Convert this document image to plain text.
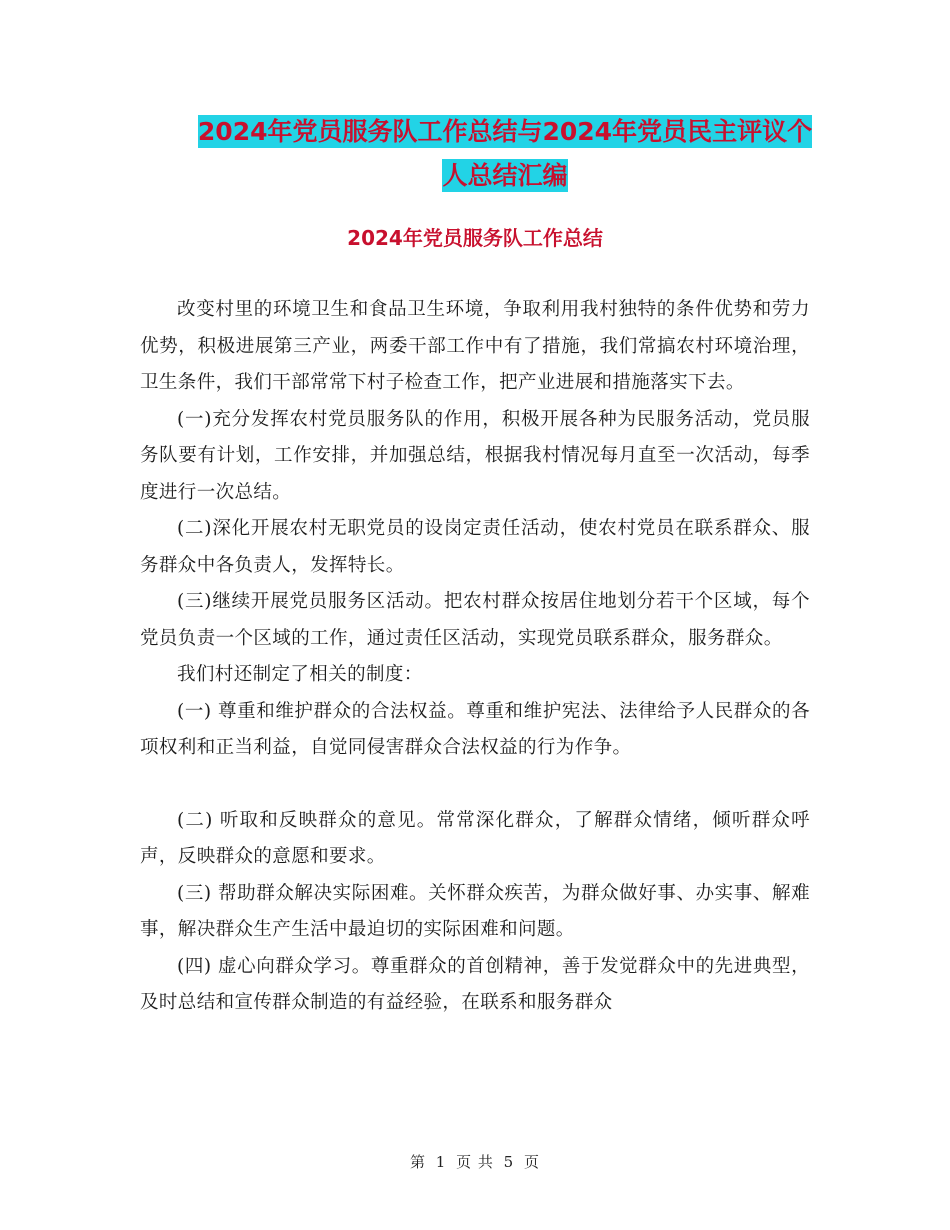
2024年党员服务队工作总结与2024年党员民主评议个
人总结汇编
2024年党员服务队工作总结

改变村里的环境卫生和食品卫生环境，争取利用我村独特的条件优势和劳力优势，积极进展第三产业，两委干部工作中有了措施，我们常搞农村环境治理，卫生条件，我们干部常常下村子检查工作，把产业进展和措施落实下去。

(一)充分发挥农村党员服务队的作用，积极开展各种为民服务活动，党员服务队要有计划，工作安排，并加强总结，根据我村情况每月直至一次活动，每季度进行一次总结。

(二)深化开展农村无职党员的设岗定责任活动，使农村党员在联系群众、服务群众中各负责人，发挥特长。

(三)继续开展党员服务区活动。把农村群众按居住地划分若干个区域，每个党员负责一个区域的工作，通过责任区活动，实现党员联系群众，服务群众。

我们村还制定了相关的制度：

(一) 尊重和维护群众的合法权益。尊重和维护宪法、法律给予人民群众的各项权利和正当利益，自觉同侵害群众合法权益的行为作争。

(二) 听取和反映群众的意见。常常深化群众，了解群众情绪，倾听群众呼声，反映群众的意愿和要求。

(三) 帮助群众解决实际困难。关怀群众疾苦，为群众做好事、办实事、解难事，解决群众生产生活中最迫切的实际困难和问题。

(四) 虚心向群众学习。尊重群众的首创精神，善于发觉群众中的先进典型，及时总结和宣传群众制造的有益经验，在联系和服务群众

第 1 页 共 5 页
